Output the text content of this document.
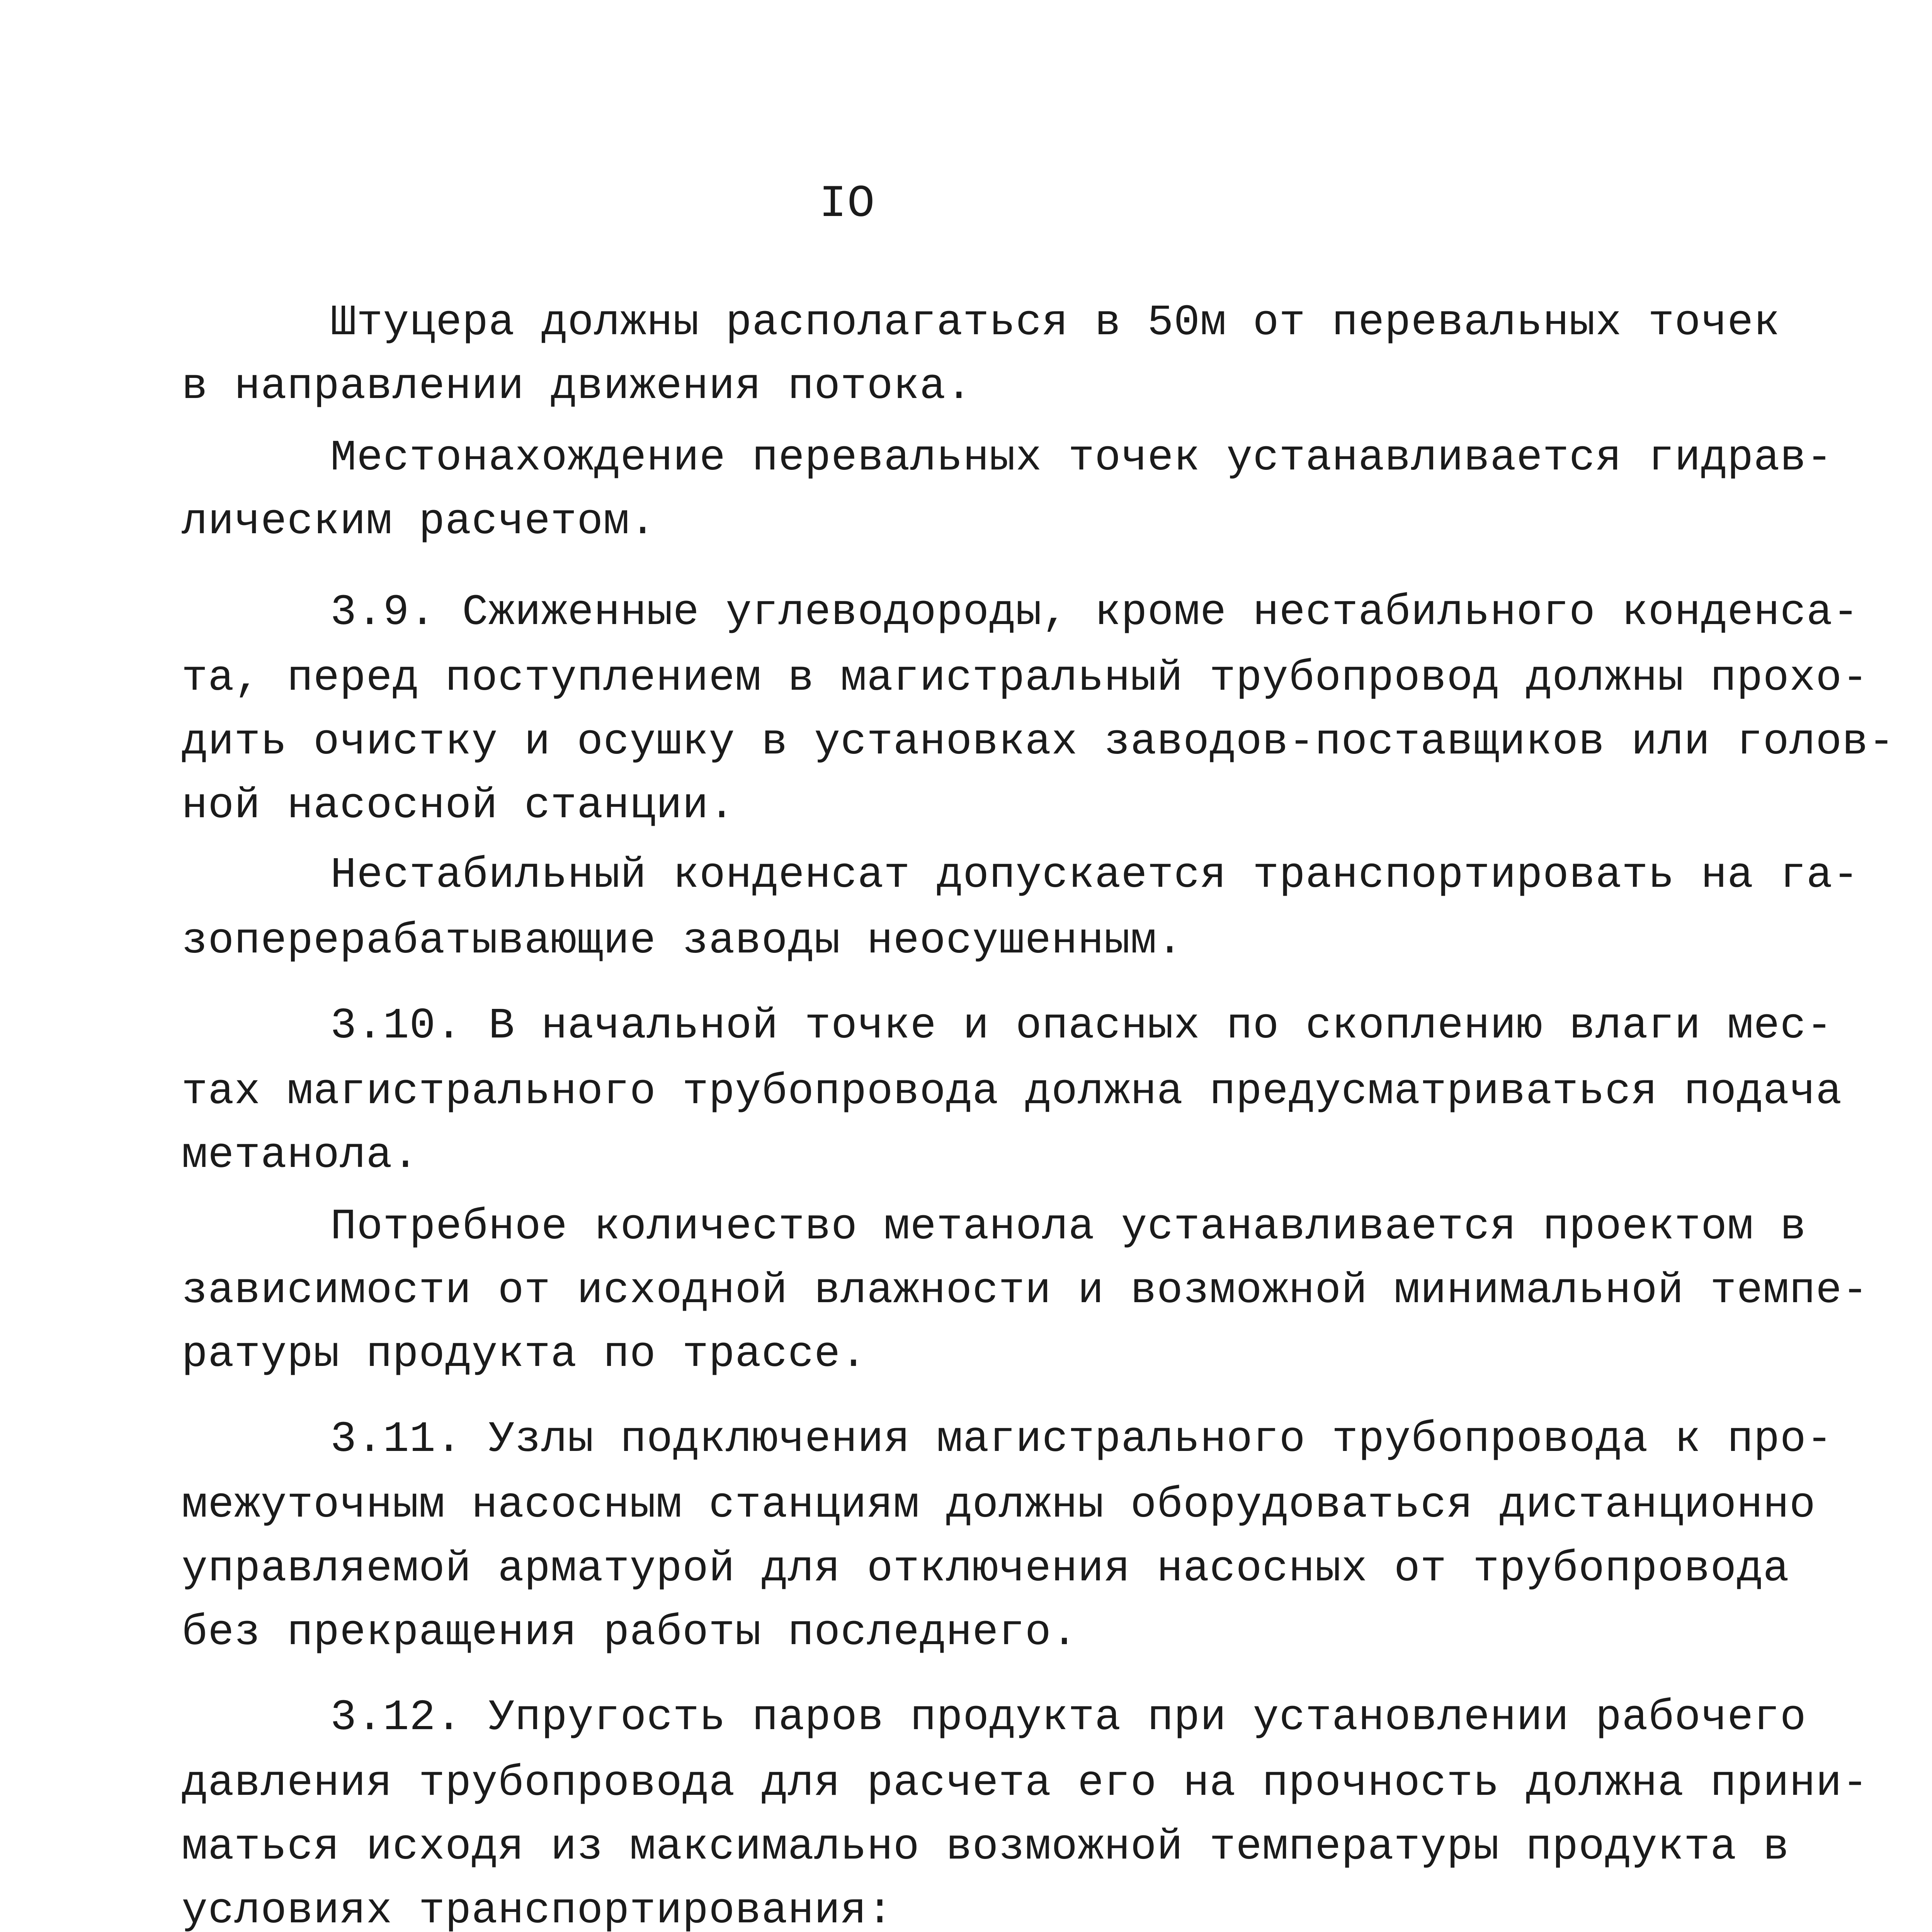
IO
Штуцера должны располагаться в 50м от перевальных точек
в направлении движения потока.
Местонахождение перевальных точек устанавливается гидрав-
лическим расчетом.
3.9. Сжиженные углеводороды, кроме нестабильного конденса-
та, перед поступлением в магистральный трубопровод должны прохо-
дить очистку и осушку в установках заводов-поставщиков или голов-
ной насосной станции.
Нестабильный конденсат допускается транспортировать на га-
зоперерабатывающие заводы неосушенным.
3.10. В начальной точке и опасных по скоплению влаги мес-
тах магистрального трубопровода должна предусматриваться подача
метанола.
Потребное количество метанола устанавливается проектом в
зависимости от исходной влажности и возможной минимальной темпе-
ратуры продукта по трассе.
3.11. Узлы подключения магистрального трубопровода к про-
межуточным насосным станциям должны оборудоваться дистанционно
управляемой арматурой для отключения насосных от трубопровода
без прекращения работы последнего.
3.12. Упругость паров продукта при установлении рабочего
давления трубопровода для расчета его на прочность должна прини-
маться исходя из максимально возможной температуры продукта в
условиях транспортирования:
